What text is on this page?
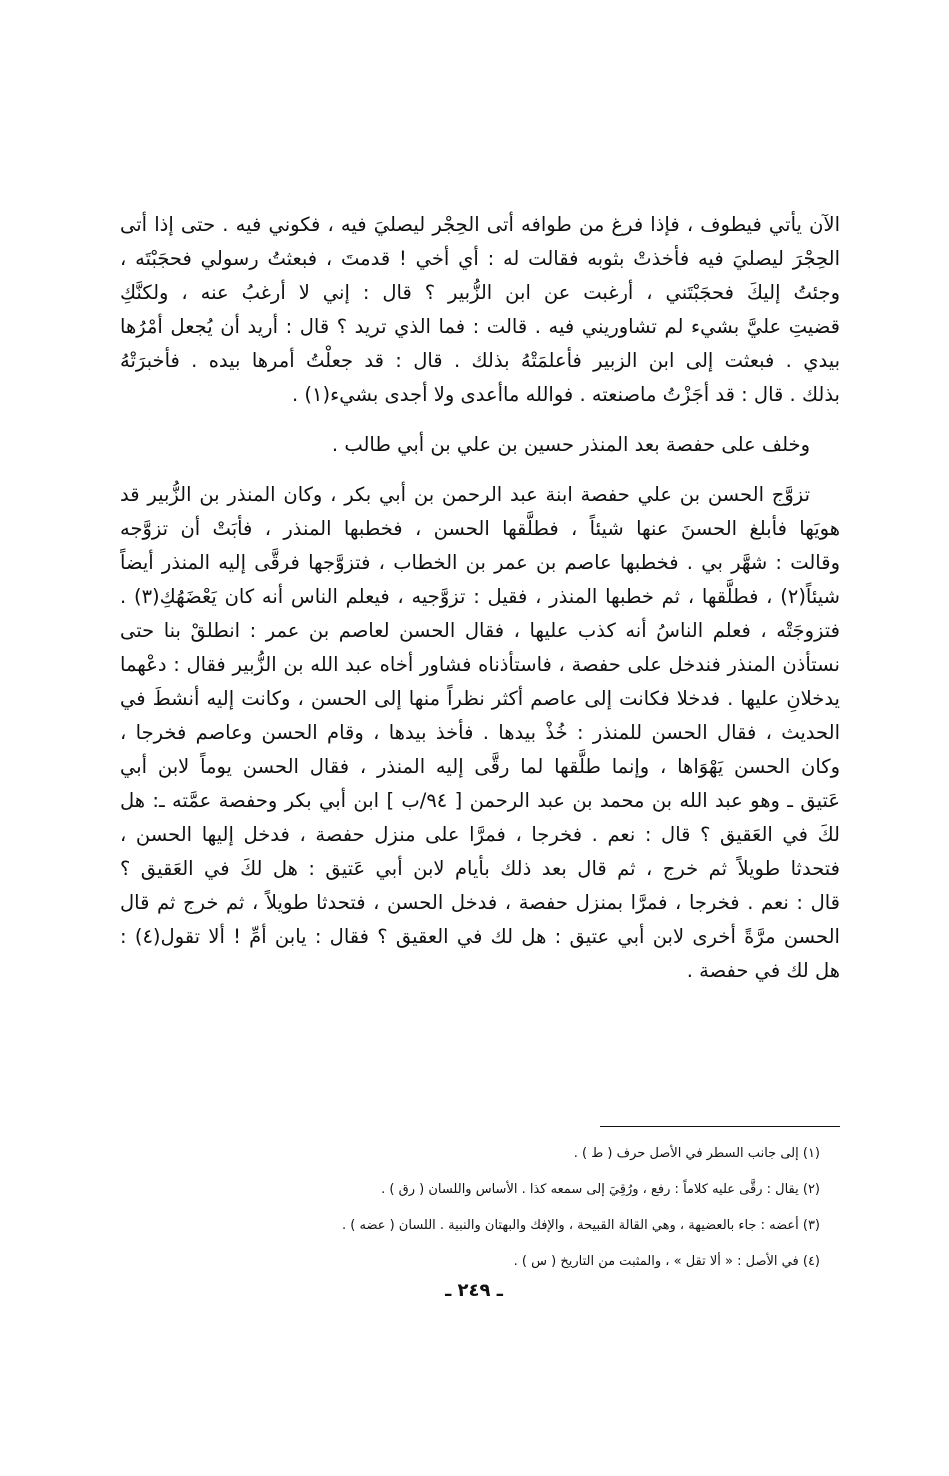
الآن يأتي فيطوف ، فإذا فرغ من طوافه أتى الحِجْر ليصليَ فيه ، فكوني فيه . حتى إذا أتى
الحِجْرَ ليصليَ فيه فأخذتْ بثوبه فقالت له : أي أخي ! قدمتَ ، فبعثتُ رسولي فحجَبْتَه ،
وجئتُ إليكَ فحجَبْتَني ، أرغبت عن ابن الزُّبير ؟ قال : إني لا أرغبُ عنه ، ولكنَّكِ
قضيتِ عليَّ بشيء لم تشاوريني فيه . قالت : فما الذي تريد ؟ قال : أريد أن يُجعل أمْرُها
بيدي . فبعثت إلى ابن الزبير فأعلمَتْهُ بذلك . قال : قد جعلْتُ أمرها بيده . فأخبرَتْهُ
بذلك . قال : قد أجَزْتُ ماصنعته . فوالله ماأعدى ولا أجدى بشيء(١) .
وخلف على حفصة بعد المنذر حسين بن علي بن أبي طالب .
تزوَّج الحسن بن علي حفصة ابنة عبد الرحمن بن أبي بكر ، وكان المنذر بن الزُّبير قد
هويَها فأبلغ الحسنَ عنها شيئاً ، فطلَّقها الحسن ، فخطبها المنذر ، فأبَتْ أن تزوَّجه
وقالت : شهَّر بي . فخطبها عاصم بن عمر بن الخطاب ، فتزوَّجها فرقَّى إليه المنذر أيضاً
شيئاً(٢) ، فطلَّقها ، ثم خطبها المنذر ، فقيل : تزوَّجيه ، فيعلم الناس أنه كان يَعْضَهُكِ(٣) .
فتزوجَتْه ، فعلم الناسُ أنه كذب عليها ، فقال الحسن لعاصم بن عمر : انطلقْ بنا حتى
نستأذن المنذر فندخل على حفصة ، فاستأذناه فشاور أخاه عبد الله بن الزُّبير فقال : دعْهما
يدخلانِ عليها . فدخلا فكانت إلى عاصم أكثر نظراً منها إلى الحسن ، وكانت إليه أنشطَ في
الحديث ، فقال الحسن للمنذر : خُذْ بيدها . فأخذ بيدها ، وقام الحسن وعاصم فخرجا ،
وكان الحسن يَهْوَاها ، وإنما طلَّقها لما رقَّى إليه المنذر ، فقال الحسن يوماً لابن أبي
عَتيق ـ وهو عبد الله بن محمد بن عبد الرحمن [ ٩٤/ب ] ابن أبي بكر وحفصة عمَّته ـ: هل
لكَ في العَقيق ؟ قال : نعم . فخرجا ، فمرَّا على منزل حفصة ، فدخل إليها الحسن ،
فتحدثا طويلاً ثم خرج ، ثم قال بعد ذلك بأيام لابن أبي عَتيق : هل لكَ في العَقيق ؟
قال : نعم . فخرجا ، فمرَّا بمنزل حفصة ، فدخل الحسن ، فتحدثا طويلاً ، ثم خرج ثم قال
الحسن مرَّةً أخرى لابن أبي عتيق : هل لك في العقيق ؟ فقال : يابن أمِّ ! ألا تقول(٤) :
هل لك في حفصة .
(١) إلى جانب السطر في الأصل حرف ( ط ) .
(٢) يقال : رقَّى عليه كلاماً : رفع ، ورُقِيَ إلى سمعه كذا . الأساس واللسان ( رق ) .
(٣) أعضه : جاء بالعضيهة ، وهي القالة القبيحة ، والإفك والبهتان والنبية . اللسان ( عضه ) .
(٤) في الأصل : « ألا تقل » ، والمثبت من التاريخ ( س ) .
ـ ٢٤٩ ـ
